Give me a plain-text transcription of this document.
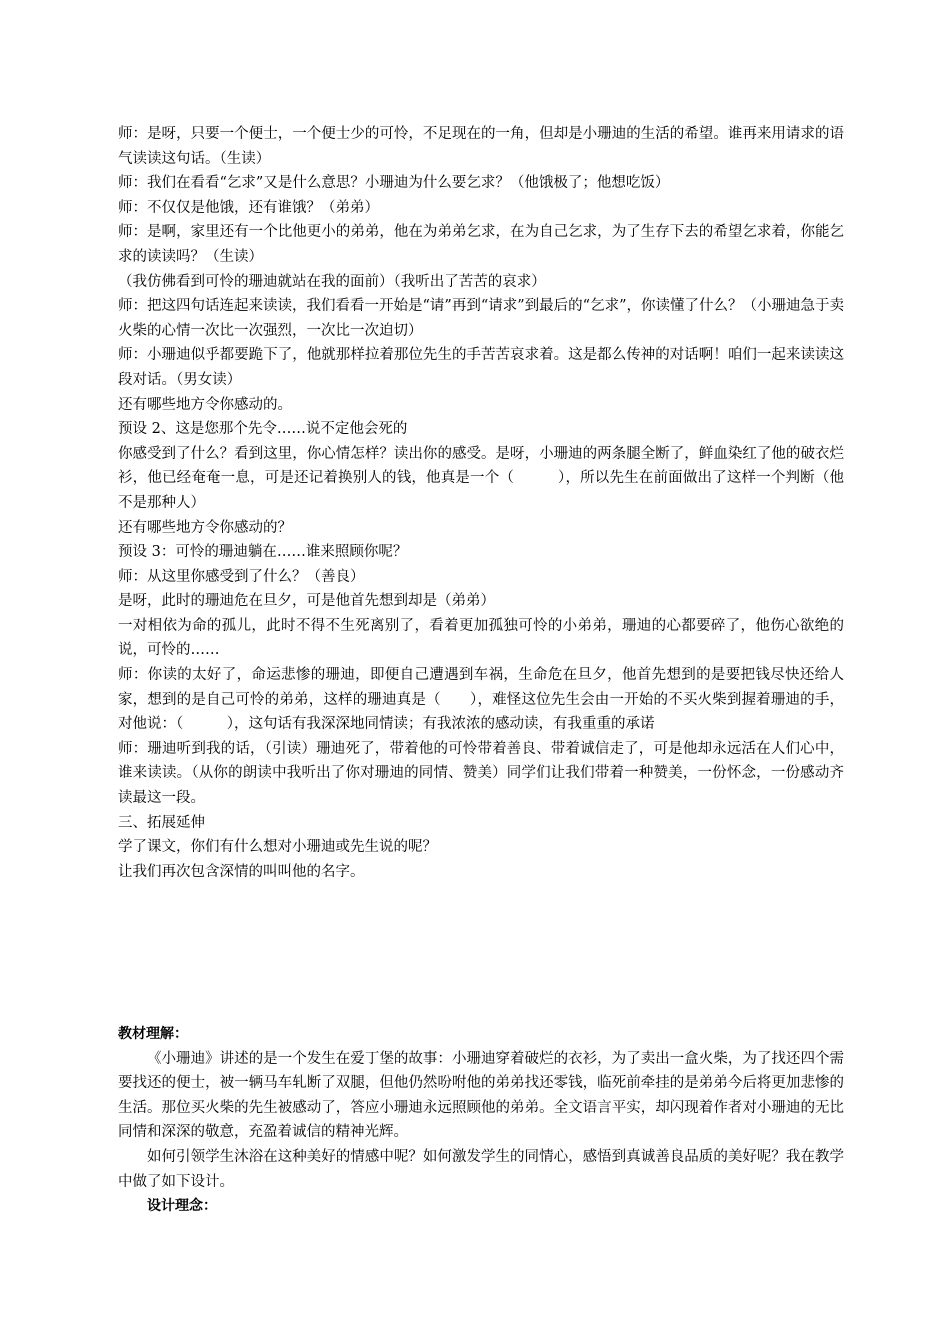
师：是呀，只要一个便士，一个便士少的可怜，不足现在的一角，但却是小珊迪的生活的希望。谁再来用请求的语气读读这句话。（生读）

师：我们在看看“乞求”又是什么意思？小珊迪为什么要乞求？（他饿极了；他想吃饭）

师：不仅仅是他饿，还有谁饿？（弟弟）

师：是啊，家里还有一个比他更小的弟弟，他在为弟弟乞求，在为自己乞求，为了生存下去的希望乞求着，你能乞求的读读吗？（生读）

（我仿佛看到可怜的珊迪就站在我的面前）（我听出了苦苦的哀求）

师：把这四句话连起来读读，我们看看一开始是“请”再到“请求”到最后的“乞求”，你读懂了什么？（小珊迪急于卖火柴的心情一次比一次强烈，一次比一次迫切）

师：小珊迪似乎都要跪下了，他就那样拉着那位先生的手苦苦哀求着。这是都么传神的对话啊！咱们一起来读读这段对话。（男女读）

还有哪些地方令你感动的。

预设 2、这是您那个先令……说不定他会死的

你感受到了什么？看到这里，你心情怎样？读出你的感受。是呀，小珊迪的两条腿全断了，鲜血染红了他的破衣烂衫，他已经奄奄一息，可是还记着换别人的钱，他真是一个（　　　），所以先生在前面做出了这样一个判断（他不是那种人）

还有哪些地方令你感动的？

预设 3：可怜的珊迪躺在……谁来照顾你呢？

师：从这里你感受到了什么？（善良）

是呀，此时的珊迪危在旦夕，可是他首先想到却是（弟弟）

一对相依为命的孤儿，此时不得不生死离别了，看着更加孤独可怜的小弟弟，珊迪的心都要碎了，他伤心欲绝的说，可怜的……

师：你读的太好了，命运悲惨的珊迪，即便自己遭遇到车祸，生命危在旦夕，他首先想到的是要把钱尽快还给人家，想到的是自己可怜的弟弟，这样的珊迪真是（　　），难怪这位先生会由一开始的不买火柴到握着珊迪的手，对他说：（　　　），这句话有我深深地同情读；有我浓浓的感动读，有我重重的承诺

师：珊迪听到我的话，（引读）珊迪死了，带着他的可怜带着善良、带着诚信走了，可是他却永远活在人们心中，谁来读读。（从你的朗读中我听出了你对珊迪的同情、赞美）同学们让我们带着一种赞美，一份怀念，一份感动齐读最这一段。

三、拓展延伸

学了课文，你们有什么想对小珊迪或先生说的呢？

让我们再次包含深情的叫叫他的名字。

教材理解：

《小珊迪》讲述的是一个发生在爱丁堡的故事：小珊迪穿着破烂的衣衫，为了卖出一盒火柴，为了找还四个需要找还的便士，被一辆马车轧断了双腿，但他仍然吩咐他的弟弟找还零钱，临死前牵挂的是弟弟今后将更加悲惨的生活。那位买火柴的先生被感动了，答应小珊迪永远照顾他的弟弟。全文语言平实，却闪现着作者对小珊迪的无比同情和深深的敬意，充盈着诚信的精神光辉。

如何引领学生沐浴在这种美好的情感中呢？如何激发学生的同情心，感悟到真诚善良品质的美好呢？我在教学中做了如下设计。

设计理念：
